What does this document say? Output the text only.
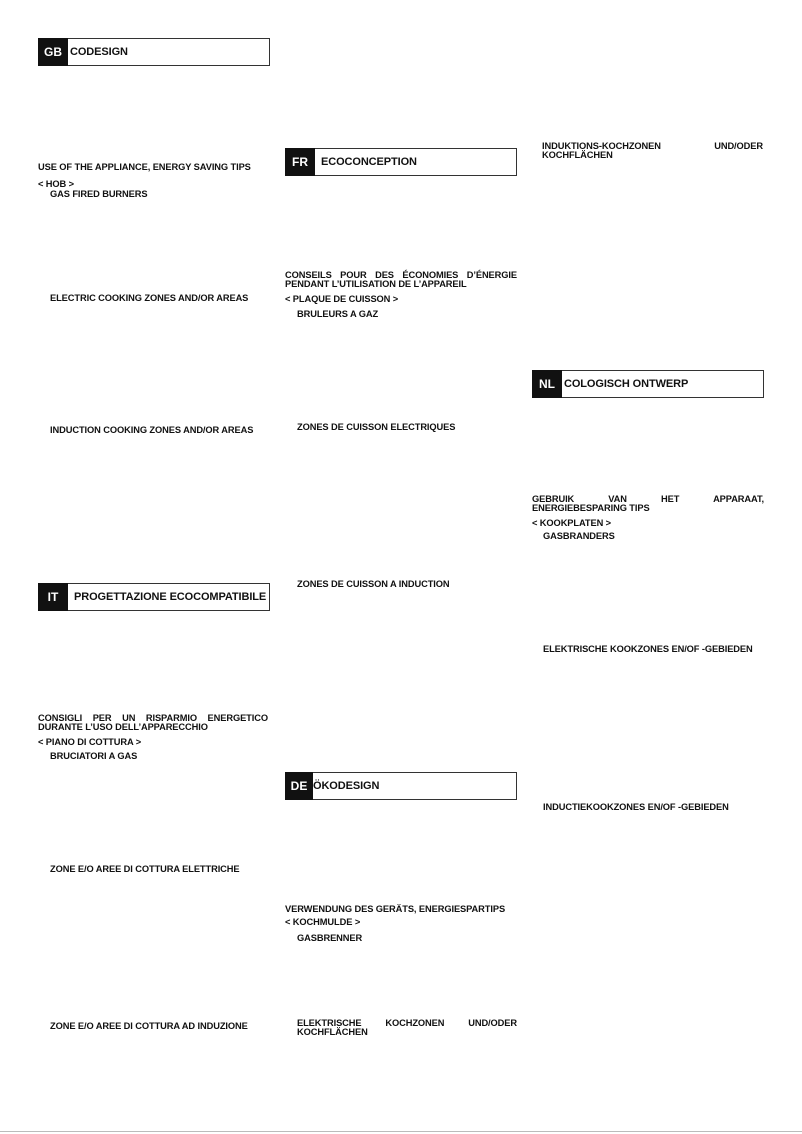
GB CODESIGN
USE OF THE APPLIANCE, ENERGY SAVING TIPS
< HOB >
GAS FIRED BURNERS
ELECTRIC COOKING ZONES AND/OR AREAS
INDUCTION COOKING ZONES AND/OR AREAS
IT	PROGETTAZIONE ECOCOMPATIBILE
CONSIGLI PER UN RISPARMIO ENERGETICO DURANTE L’USO DELL’APPARECCHIO
< PIANO DI COTTURA >
BRUCIATORI A GAS
ZONE E/O AREE DI COTTURA ELETTRICHE
ZONE E/O AREE DI COTTURA AD INDUZIONE
FR	ECOCONCEPTION
CONSEILS POUR DES ÉCONOMIES D’ÉNERGIE PENDANT L’UTILISATION DE L’APPAREIL
< PLAQUE DE CUISSON >
BRULEURS A GAZ
ZONES DE CUISSON ELECTRIQUES
ZONES DE CUISSON A INDUCTION
DE ÖKODESIGN
VERWENDUNG DES GERÄTS, ENERGIESPARTIPS
< KOCHMULDE >
GASBRENNER
ELEKTRISCHE KOCHZONEN UND/ODER KOCHFLÄCHEN
INDUKTIONS-KOCHZONEN UND/ODER KOCHFLÄCHEN
NL COLOGISCH ONTWERP
GEBRUIK VAN HET APPARAAT, ENERGIEBESPARING TIPS
< KOOKPLATEN >
GASBRANDERS
ELEKTRISCHE KOOKZONES EN/OF -GEBIEDEN
INDUCTIEKOOKZONES EN/OF -GEBIEDEN
